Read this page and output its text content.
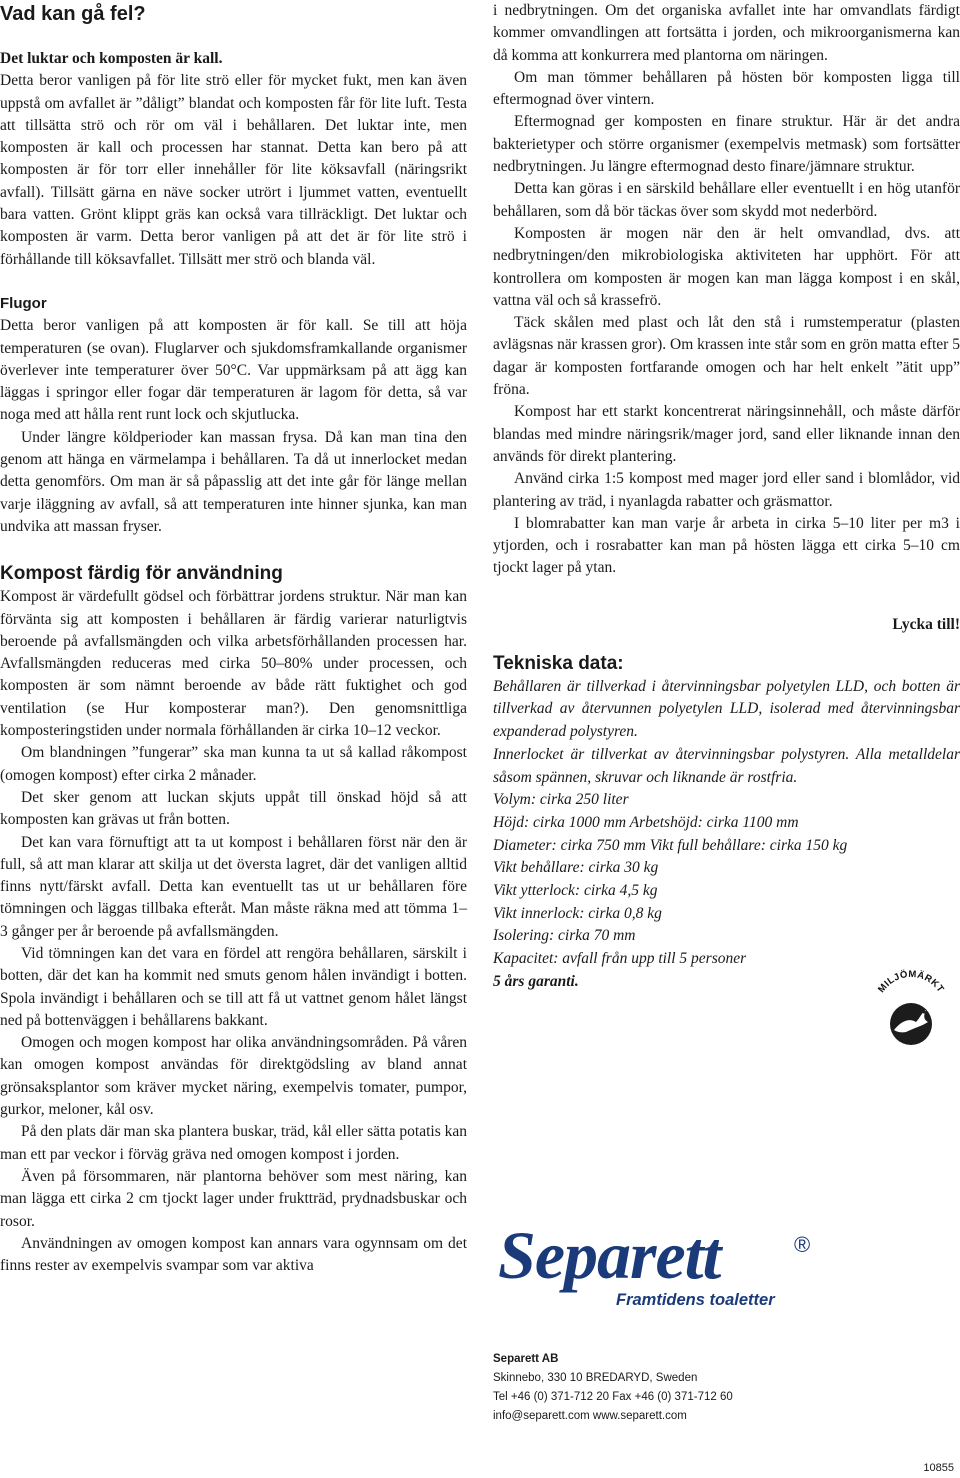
Vad kan gå fel?
Det luktar och komposten är kall.

Detta beror vanligen på för lite strö eller för mycket fukt, men kan även uppstå om avfallet är ”dåligt” blandat och komposten får för lite luft. Testa att tillsätta strö och rör om väl i behållaren. Det luktar inte, men komposten är kall och processen har stannat. Detta kan bero på att komposten är för torr eller innehåller för lite köksavfall (näringsrikt avfall). Tillsätt gärna en näve socker utrört i ljummet vatten, eventuellt bara vatten. Grönt klippt gräs kan också vara tillräckligt. Det luktar och komposten är varm. Detta beror vanligen på att det är för lite strö i förhållande till köksavfallet. Tillsätt mer strö och blanda väl.

Flugor

Detta beror vanligen på att komposten är för kall. Se till att höja temperaturen (se ovan). Fluglarver och sjukdomsframkallande organismer överlever inte temperaturer över 50°C. Var uppmärksam på att ägg kan läggas i springor eller fogar där temperaturen är lagom för detta, så var noga med att hålla rent runt lock och skjutluckа.

Under längre köldperioder kan massan frysa. Då kan man tina den genom att hänga en värmelampa i behållaren. Ta då ut innerlocket medan detta genomförs. Om man är så påpasslig att det inte går för länge mellan varje iläggning av avfall, så att temperaturen inte hinner sjunka, kan man undvika att massan fryser.

Kompost färdig för användning

Kompost är värdefullt gödsel och förbättrar jordens struktur. När man kan förvänta sig att komposten i behållaren är färdig varierar naturligtvis beroende på avfallsmängden och vilka arbetsförhållanden processen har. Avfallsmängden reduceras med cirka 50–80% under processen, och komposten är som nämnt beroende av både rätt fuktighet och god ventilation (se Hur komposterar man?). Den genomsnittliga komposteringstiden under normala förhållanden är cirka 10–12 veckor.

Om blandningen ”fungerar” ska man kunna ta ut så kallad råkompost (omogen kompost) efter cirka 2 månader.

Det sker genom att luckan skjuts uppåt till önskad höjd så att komposten kan grävas ut från botten.

Det kan vara förnuftigt att ta ut kompost i behållaren först när den är full, så att man klarar att skilja ut det översta lagret, där det vanligen alltid finns nytt/färskt avfall. Detta kan eventuellt tas ut ur behållaren före tömningen och läggas tillbaka efteråt. Man måste räkna med att tömma 1–3 gånger per år beroende på avfallsmängden.

Vid tömningen kan det vara en fördel att rengöra behållaren, särskilt i botten, där det kan ha kommit ned smuts genom hålen invändigt i botten. Spola invändigt i behållaren och se till att få ut vattnet genom hålet längst ned på bottenväggen i behållarens bakkant.

Omogen och mogen kompost har olika användningsområden. På våren kan omogen kompost användas för direktgödsling av bland annat grönsaksplantor som kräver mycket näring, exempelvis tomater, pumpor, gurkor, meloner, kål osv.

På den plats där man ska plantera buskar, träd, kål eller sätta potatis kan man ett par veckor i förväg gräva ned omogen kompost i jorden.

Även på försommaren, när plantorna behöver som mest näring, kan man lägga ett cirka 2 cm tjockt lager under fruktträd, prydnadsbuskar och rosor.

Användningen av omogen kompost kan annars vara ogynnsam om det finns rester av exempelvis svampar som var aktiva

i nedbrytningen. Om det organiska avfallet inte har omvandlats färdigt kommer omvandlingen att fortsätta i jorden, och mikroorganismerna kan då komma att konkurrera med plantorna om näringen.

Om man tömmer behållaren på hösten bör komposten ligga till eftermognad över vintern.

Eftermognad ger komposten en finare struktur. Här är det andra bakterietyper och större organismer (exempelvis metmask) som fortsätter nedbrytningen. Ju längre eftermognad desto finare/jämnare struktur.

Detta kan göras i en särskild behållare eller eventuellt i en hög utanför behållaren, som då bör täckas över som skydd mot nederbörd.

Komposten är mogen när den är helt omvandlad, dvs. att nedbrytningen/den mikrobiologiska aktiviteten har upphört. För att kontrollera om komposten är mogen kan man lägga kompost i en skål, vattna väl och så krassefrö.

Täck skålen med plast och låt den stå i rumstemperatur (plasten avlägsnas när krassen gror). Om krassen inte står som en grön matta efter 5 dagar är komposten fortfarande omogen och har helt enkelt ”ätit upp” fröna.

Kompost har ett starkt koncentrerat näringsinnehåll, och måste därför blandas med mindre näringsrik/mager jord, sand eller liknande innan den används för direkt plantering.

Använd cirka 1:5 kompost med mager jord eller sand i blomlådor, vid plantering av träd, i nyanlagda rabatter och gräsmattor.

I blomrabatter kan man varje år arbeta in cirka 5–10 liter per m3 i ytjorden, och i rosrabatter kan man på hösten lägga ett cirka 5–10 cm tjockt lager på ytan.

Lycka till!
Tekniska data:

Behållaren är tillverkad i återvinningsbar polyetylen LLD, och botten är tillverkad av återvunnen polyetylen LLD, isolerad med återvinningsbar expanderad polystyren.

Innerlocket är tillverkat av återvinningsbar polystyren. Alla metalldelar såsom spännen, skruvar och liknande är rostfria.

Volym: cirka 250 liter
Höjd: cirka 1000 mm Arbetshöjd: cirka 1100 mm
Diameter: cirka 750 mm Vikt full behållare: cirka 150 kg
Vikt behållare: cirka 30 kg
Vikt ytterlock: cirka 4,5 kg
Vikt innerlock: cirka 0,8 kg
Isolering: cirka 70 mm
Kapacitet: avfall från upp till 5 personer
5 års garanti.	MILJÖMÄRKT
Separett	®
Framtidens toaletter
Separett AB
Skinnebo, 330 10 BREDARYD, Sweden
Tel +46 (0) 371-712 20 Fax +46 (0) 371-712 60
info@separett.com www.separett.com
10855
